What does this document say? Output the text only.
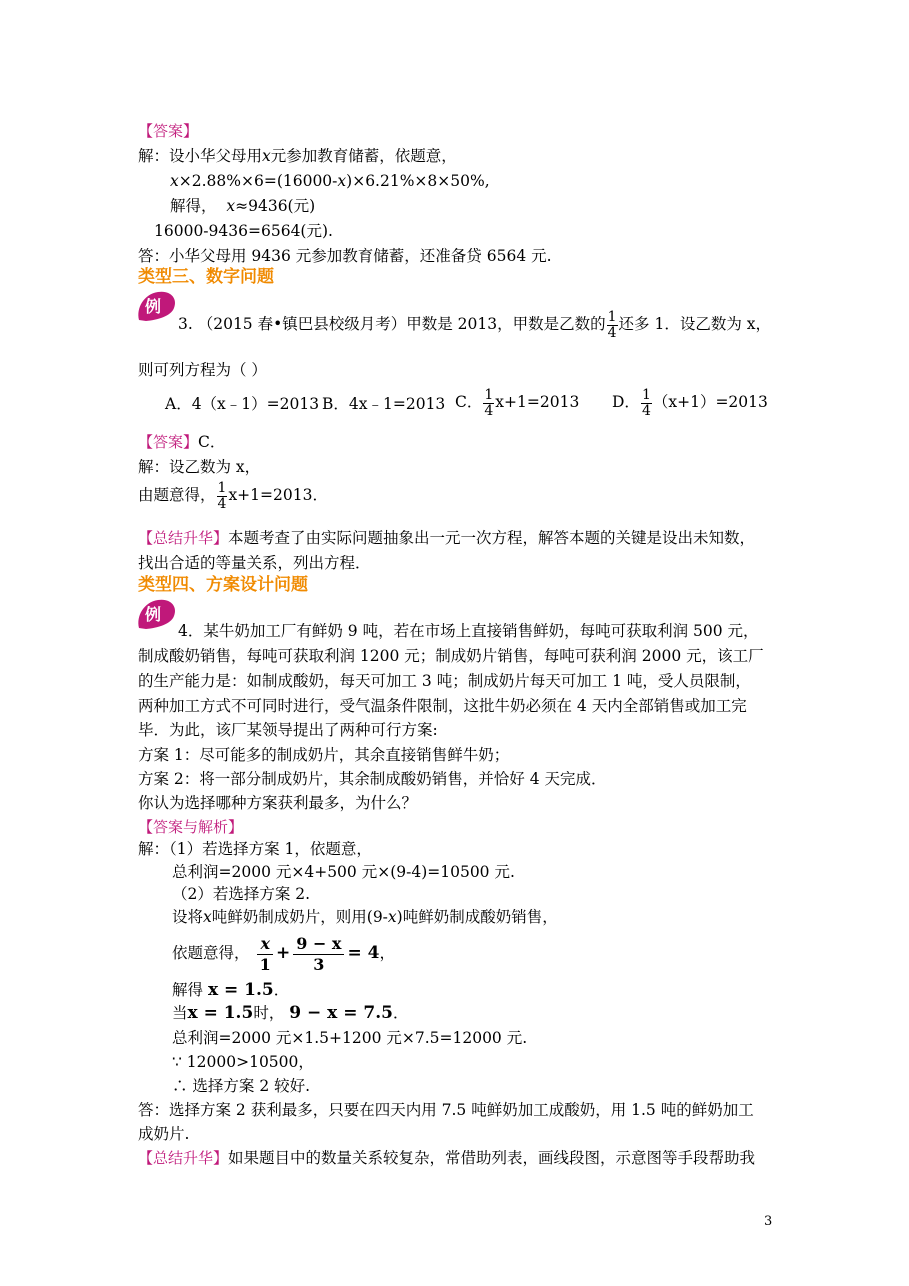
【答案】
解：设小华父母用x元参加教育储蓄，依题意，
x×2.88%×6=(16000-x)×6.21%×8×50%,
解得， x≈9436(元)
16000-9436=6564(元).
答：小华父母用 9436 元参加教育储蓄，还准备贷 6564 元.
类型三、数字问题
例
3. （2015 春•镇巴县校级月考）甲数是 2013，甲数是乙数的 $\frac{1}{4}$ 还多 1．设乙数为 x，
则可列方程为（ ）
A．4（x﹣1）=2013 B．4x﹣1=2013 C． $\frac{1}{4} x+1=2013$ D． $\frac{1}{4} (x+1)=2013$
【答案】C．
解：设乙数为 x，
由题意得， $\frac{1}{4} x+1=2013$．
【总结升华】本题考查了由实际问题抽象出一元一次方程，解答本题的关键是设出未知数，
找出合适的等量关系，列出方程．
类型四、方案设计问题
例
4．某牛奶加工厂有鲜奶 9 吨，若在市场上直接销售鲜奶，每吨可获取利润 500 元，
制成酸奶销售，每吨可获取利润 1200 元；制成奶片销售，每吨可获利润 2000 元，该工厂
的生产能力是：如制成酸奶，每天可加工 3 吨；制成奶片每天可加工 1 吨，受人员限制，
两种加工方式不可同时进行，受气温条件限制，这批牛奶必须在 4 天内全部销售或加工完
毕．为此，该厂某领导提出了两种可行方案:
方案 1：尽可能多的制成奶片，其余直接销售鲜牛奶；
方案 2：将一部分制成奶片，其余制成酸奶销售，并恰好 4 天完成．
你认为选择哪种方案获利最多，为什么？
【答案与解析】
解：（1）若选择方案 1，依题意，
总利润=2000 元×4+500 元×(9-4)=10500 元.
（2）若选择方案 2.
设将x吨鲜奶制成奶片，则用(9-x)吨鲜奶制成酸奶销售，
依题意得， $\frac{x}{1} + \frac{9 - x}{3} = 4$，
解得 x = 1.5．
当x = 1.5时， 9 − x = 7.5．
总利润=2000 元×1.5+1200 元×7.5=12000 元.
∵ 12000>10500，
∴ 选择方案 2 较好.
答：选择方案 2 获利最多，只要在四天内用 7.5 吨鲜奶加工成酸奶，用 1.5 吨的鲜奶加工
成奶片.
【总结升华】如果题目中的数量关系较复杂，常借助列表，画线段图，示意图等手段帮助我
3
